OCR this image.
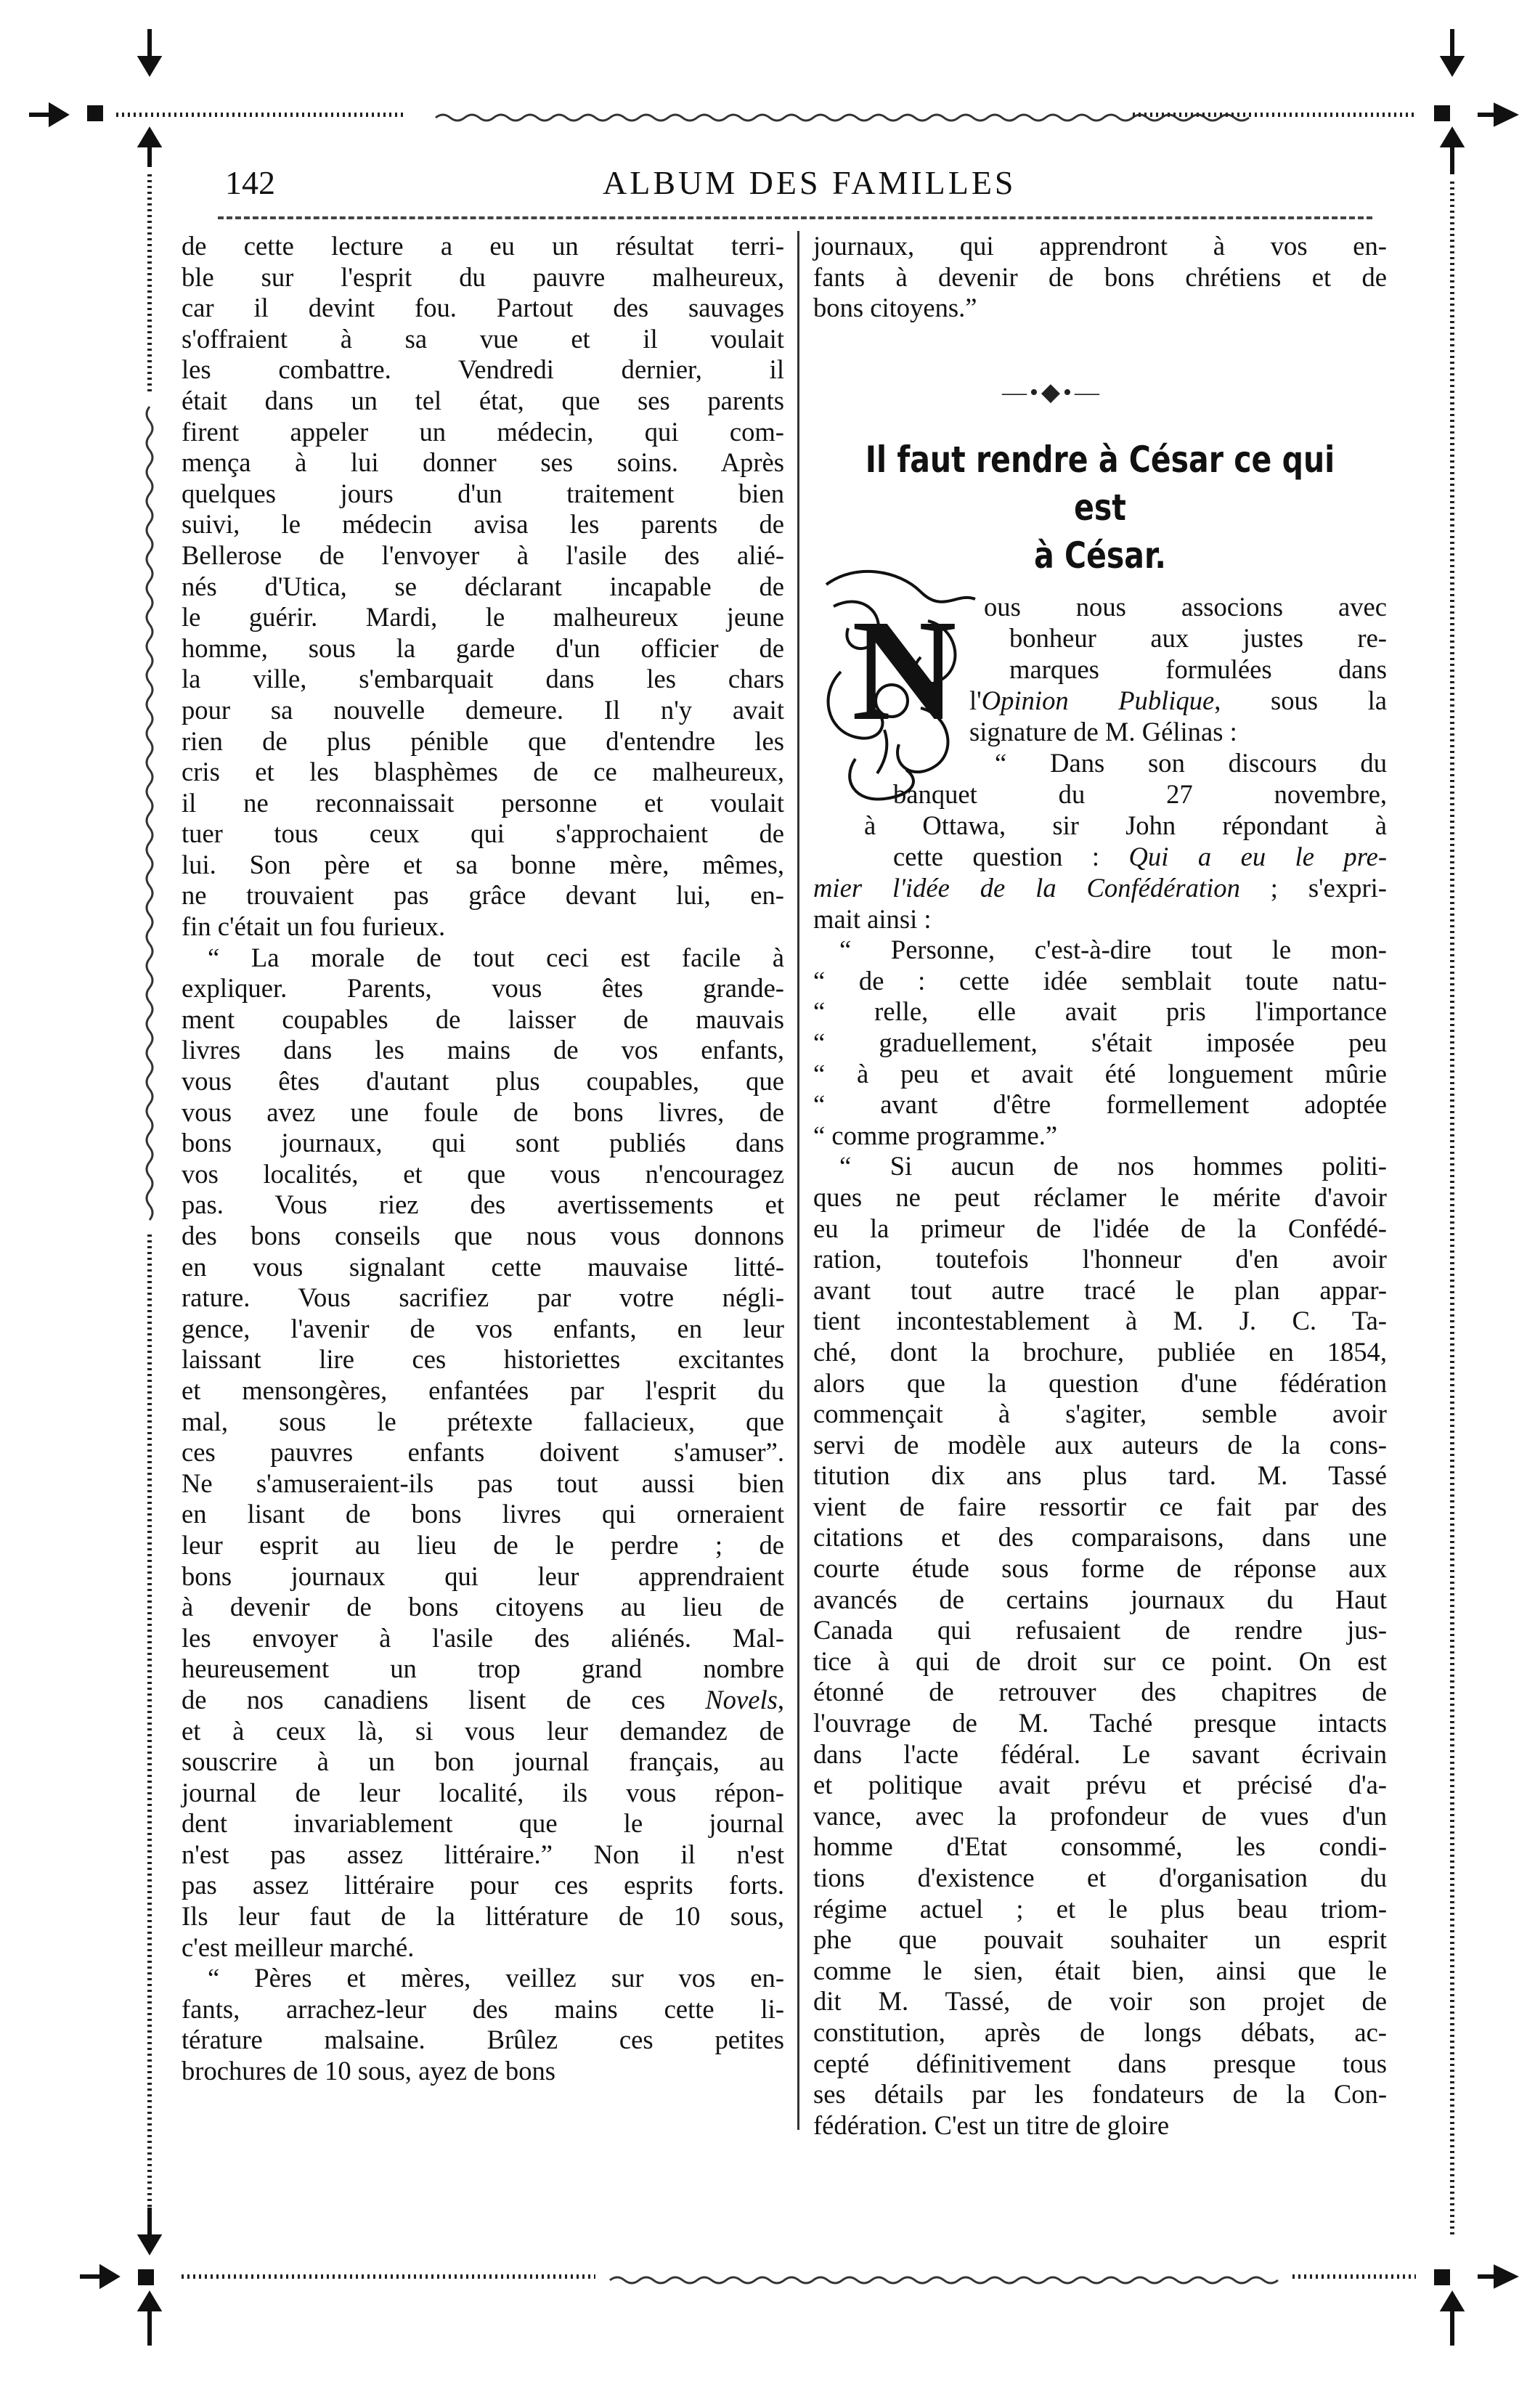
142	ALBUM DES FAMILLES

de cette lecture a eu un résultat terri-
ble sur l'esprit du pauvre malheureux,
car il devint fou. Partout des sauvages
s'offraient à sa vue et il voulait
les combattre. Vendredi dernier, il
était dans un tel état, que ses parents
firent appeler un médecin, qui com-
mença à lui donner ses soins. Après
quelques jours d'un traitement bien
suivi, le médecin avisa les parents de
Bellerose de l'envoyer à l'asile des alié-
nés d'Utica, se déclarant incapable de
le guérir. Mardi, le malheureux jeune
homme, sous la garde d'un officier de
la ville, s'embarquait dans les chars
pour sa nouvelle demeure. Il n'y avait
rien de plus pénible que d'entendre les
cris et les blasphèmes de ce malheureux,
il ne reconnaissait personne et voulait
tuer tous ceux qui s'approchaient de
lui. Son père et sa bonne mère, mêmes,
ne trouvaient pas grâce devant lui, en-
fin c'était un fou furieux.

“ La morale de tout ceci est facile à
expliquer. Parents, vous êtes grande-
ment coupables de laisser de mauvais
livres dans les mains de vos enfants,
vous êtes d'autant plus coupables, que
vous avez une foule de bons livres, de
bons journaux, qui sont publiés dans
vos localités, et que vous n'encouragez
pas. Vous riez des avertissements et
des bons conseils que nous vous donnons
en vous signalant cette mauvaise litté-
rature. Vous sacrifiez par votre négli-
gence, l'avenir de vos enfants, en leur
laissant lire ces historiettes excitantes
et mensongères, enfantées par l'esprit du
mal, sous le prétexte fallacieux, que
ces pauvres enfants doivent s'amuser”.
Ne s'amuseraient-ils pas tout aussi bien
en lisant de bons livres qui orneraient
leur esprit au lieu de le perdre ; de
bons journaux qui leur apprendraient
à devenir de bons citoyens au lieu de
les envoyer à l'asile des aliénés. Mal-
heureusement un trop grand nombre
de nos canadiens lisent de ces Novels,
et à ceux là, si vous leur demandez de
souscrire à un bon journal français, au
journal de leur localité, ils vous répon-
dent invariablement que le journal
n'est pas assez littéraire.” Non il n'est
pas assez littéraire pour ces esprits forts.
Ils leur faut de la littérature de 10 sous,
c'est meilleur marché.

“ Pères et mères, veillez sur vos en-
fants, arrachez-leur des mains cette li-
térature malsaine. Brûlez ces petites
brochures de 10 sous, ayez de bons

journaux, qui apprendront à vos en-
fants à devenir de bons chrétiens et de
bons citoyens.”
—•◆•—
Il faut rendre à César ce qui est
à César.
N ous nous associons avec
bonheur aux justes re-
marques formulées dans
l'Opinion Publique, sous la
signature de M. Gélinas :
“ Dans son discours du
banquet du 27 novembre,
à Ottawa, sir John répondant à
cette question : Qui a eu le pre-

mier l'idée de la Confédération ; s'expri-
mait ainsi :

“ Personne, c'est-à-dire tout le mon-
“ de : cette idée semblait toute natu-
“ relle, elle avait pris l'importance
“ graduellement, s'était imposée peu
“ à peu et avait été longuement mûrie
“ avant d'être formellement adoptée
“ comme programme.”

“ Si aucun de nos hommes politi-
ques ne peut réclamer le mérite d'avoir
eu la primeur de l'idée de la Confédé-
ration, toutefois l'honneur d'en avoir
avant tout autre tracé le plan appar-
tient incontestablement à M. J. C. Ta-
ché, dont la brochure, publiée en 1854,
alors que la question d'une fédération
commençait à s'agiter, semble avoir
servi de modèle aux auteurs de la cons-
titution dix ans plus tard. M. Tassé
vient de faire ressortir ce fait par des
citations et des comparaisons, dans une
courte étude sous forme de réponse aux
avancés de certains journaux du Haut
Canada qui refusaient de rendre jus-
tice à qui de droit sur ce point. On est
étonné de retrouver des chapitres de
l'ouvrage de M. Taché presque intacts
dans l'acte fédéral. Le savant écrivain
et politique avait prévu et précisé d'a-
vance, avec la profondeur de vues d'un
homme d'Etat consommé, les condi-
tions d'existence et d'organisation du
régime actuel ; et le plus beau triom-
phe que pouvait souhaiter un esprit
comme le sien, était bien, ainsi que le
dit M. Tassé, de voir son projet de
constitution, après de longs débats, ac-
cepté définitivement dans presque tous
ses détails par les fondateurs de la Con-
fédération. C'est un titre de gloire
